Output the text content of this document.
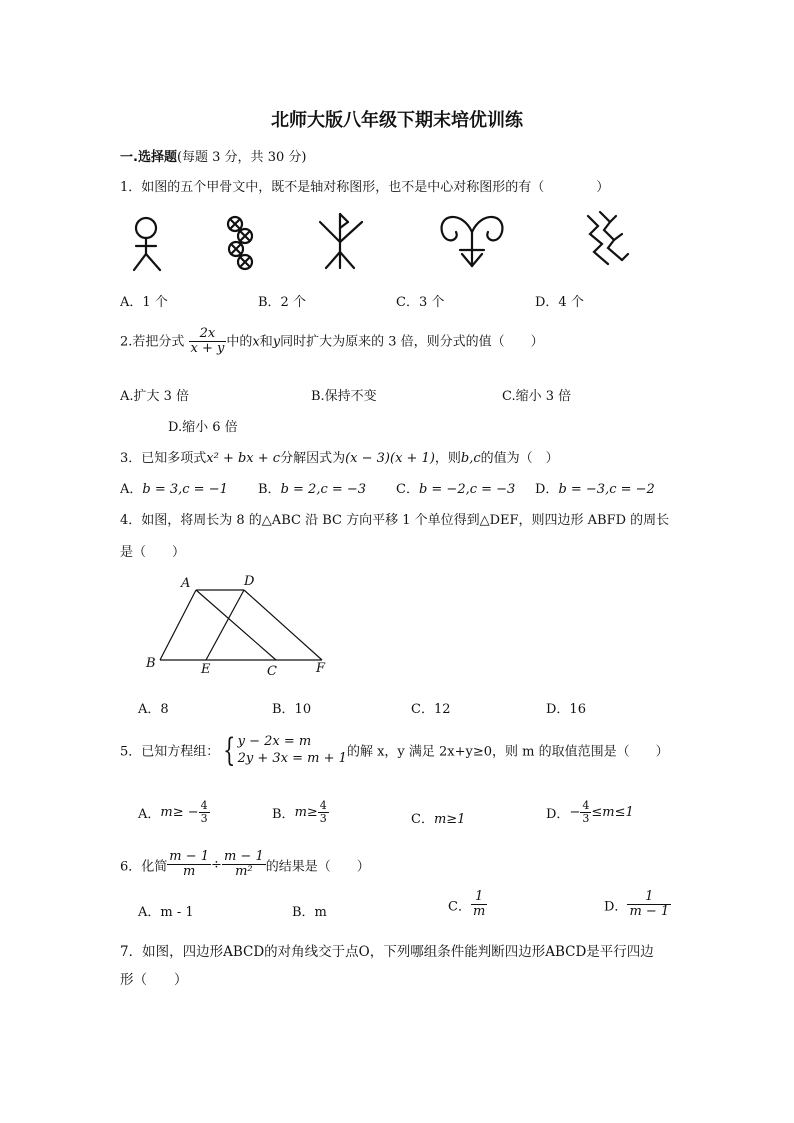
北师大版八年级下期末培优训练
一.选择题(每题 3 分，共 30 分)
1．如图的五个甲骨文中，既不是轴对称图形，也不是中心对称图形的有（　　　　）
A．1 个	B．2 个	C．3 个	D．4 个
2.若把分式 $\frac{2x}{x + y}$ 中的x和y同时扩大为原来的 3 倍，则分式的值（　　）
A.扩大 3 倍	B.保持不变	C.缩小 3 倍
D.缩小 6 倍
3．已知多项式x² + bx + c分解因式为(x − 3)(x + 1)，则b,c的值为（　）
A．b = 3,c = −1 B．b = 2,c = −3 C．b = −2,c = −3 D．b = −3,c = −2
4．如图，将周长为 8 的△ABC 沿 BC 方向平移 1 个单位得到△DEF，则四边形 ABFD 的周长
是（　　）
A	D
B	E	C	F
A．8	B．10	C．12	D．16
5．已知方程组： { y − 2x = m
2y + 3x = m + 1 的解 x，y 满足 2x+y≥0，则 m 的取值范围是（　　）
A．$m\ge - \frac{4}{3}$	B．$m\ge \frac{4}{3}$	C．m≥1	D．− $\frac{4}{3} \le m\le 1$
6．化简 $\frac{m - 1}{m} \div \frac{m - 1}{\text{m²}}$ 的结果是（　　）
A．m - 1	B．m	C． $\frac{1}{m}$	D． $\frac{1}{m - 1}$
7．如图，四边形ABCD的对角线交于点O，下列哪组条件能判断四边形ABCD是平行四边
形（　　）
